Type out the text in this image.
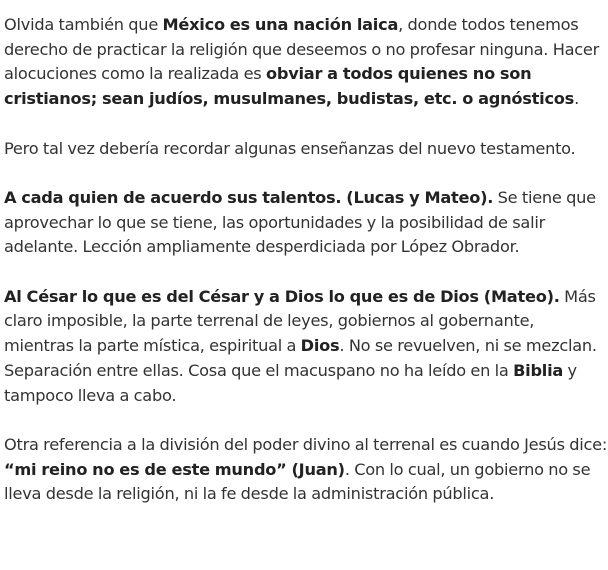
Olvida también que México es una nación laica, donde todos tenemos derecho de practicar la religión que deseemos o no profesar ninguna. Hacer alocuciones como la realizada es obviar a todos quienes no son cristianos; sean judíos, musulmanes, budistas, etc. o agnósticos.

Pero tal vez debería recordar algunas enseñanzas del nuevo testamento.

A cada quien de acuerdo sus talentos. (Lucas y Mateo). Se tiene que aprovechar lo que se tiene, las oportunidades y la posibilidad de salir adelante. Lección ampliamente desperdiciada por López Obrador.

Al César lo que es del César y a Dios lo que es de Dios (Mateo). Más claro imposible, la parte terrenal de leyes, gobiernos al gobernante, mientras la parte mística, espiritual a Dios. No se revuelven, ni se mezclan. Separación entre ellas. Cosa que el macuspano no ha leído en la Biblia y tampoco lleva a cabo.

Otra referencia a la división del poder divino al terrenal es cuando Jesús dice: “mi reino no es de este mundo” (Juan). Con lo cual, un gobierno no se lleva desde la religión, ni la fe desde la administración pública.
